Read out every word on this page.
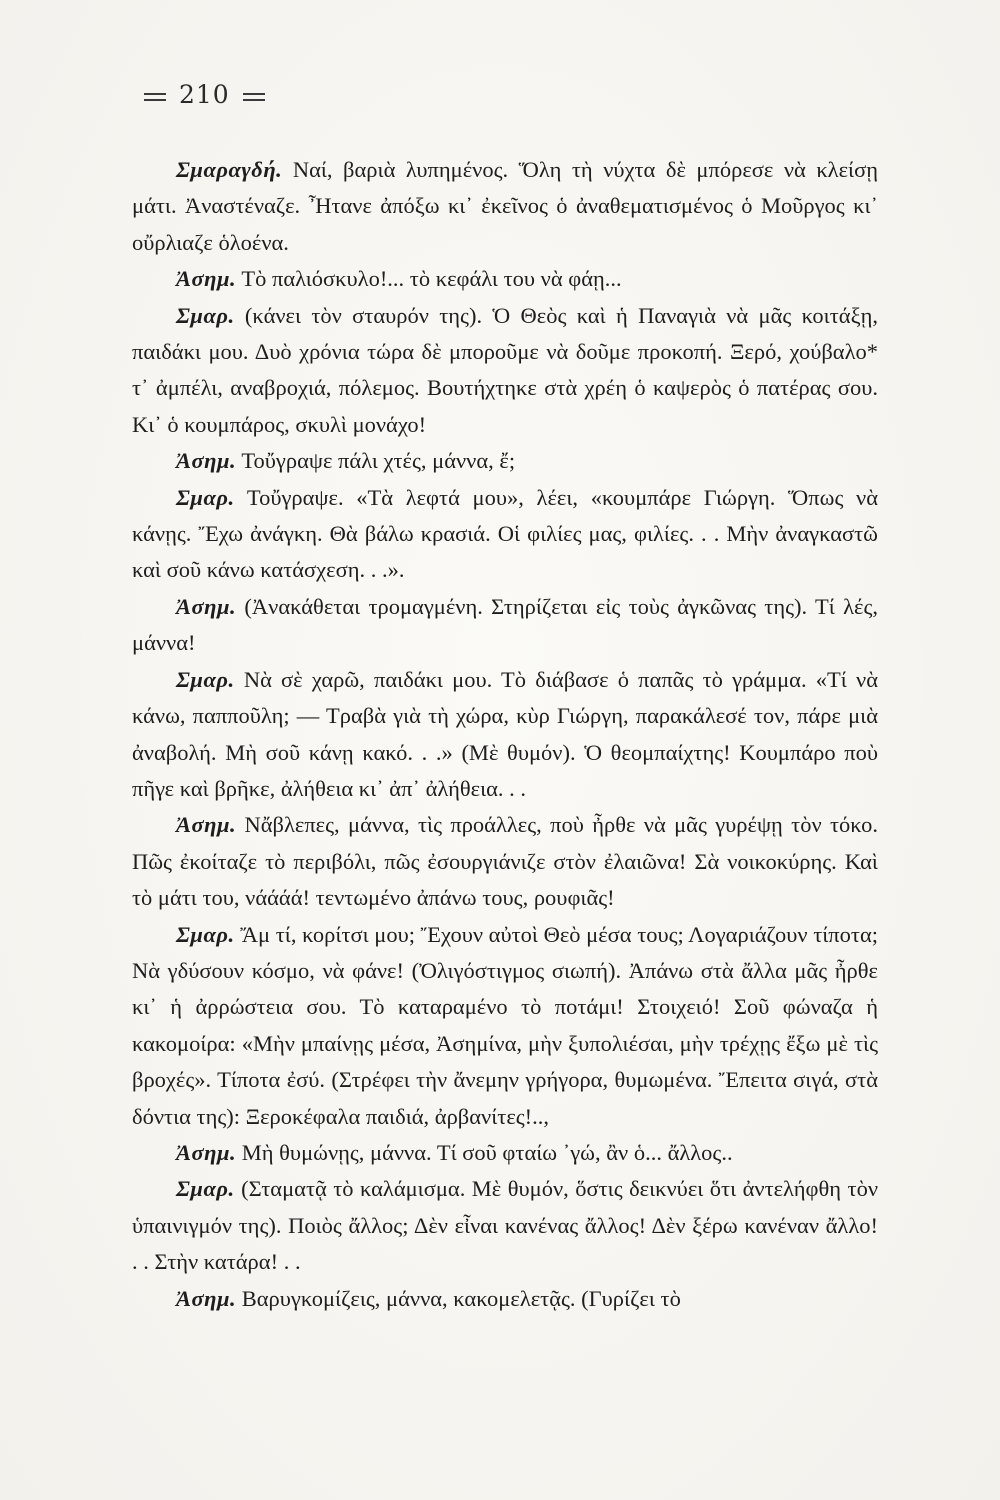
210

Σμαραγδή. Ναί, βαριὰ λυπημένος. Ὅλη τὴ νύχτα δὲ μπόρεσε νὰ κλείσῃ μάτι. Ἀναστέναζε. Ἦτανε ἀπόξω κι᾿ ἐκεῖνος ὁ ἀναθεματισμένος ὁ Μοῦργος κι᾿ οὔρλιαζε ὁλοένα.

Ἀσημ. Τὸ παλιόσκυλο!... τὸ κεφάλι του νὰ φάῃ...

Σμαρ. (κάνει τὸν σταυρόν της). Ὁ Θεὸς καὶ ἡ Παναγιὰ νὰ μᾶς κοιτάξῃ, παιδάκι μου. Δυὸ χρόνια τώρα δὲ μποροῦμε νὰ δοῦμε προκοπή. Ξερό, χούβαλο* τ᾿ ἀμπέλι, αναβροχιά, πόλεμος. Βουτήχτηκε στὰ χρέη ὁ καψερὸς ὁ πατέρας σου. Κι᾿ ὁ κουμπάρος, σκυλὶ μονάχο!

Ἀσημ. Τοὔγραψε πάλι χτές, μάννα, ἔ;

Σμαρ. Τοὔγραψε. «Τὰ λεφτά μου», λέει, «κουμπάρε Γιώργη. Ὅπως νὰ κάνῃς. Ἔχω ἀνάγκη. Θὰ βάλω κρασιά. Οἱ φιλίες μας, φιλίες. . . Μὴν ἀναγκαστῶ καὶ σοῦ κάνω κατάσχεση. . .».

Ἀσημ. (Ἀνακάθεται τρομαγμένη. Στηρίζεται εἰς τοὺς ἀγκῶνας της). Τί λές, μάννα!

Σμαρ. Νὰ σὲ χαρῶ, παιδάκι μου. Τὸ διάβασε ὁ παπᾶς τὸ γράμμα. «Τί νὰ κάνω, παπποῦλη; — Τραβὰ γιὰ τὴ χώρα, κὺρ Γιώργη, παρακάλεσέ τον, πάρε μιὰ ἀναβολή. Μὴ σοῦ κάνῃ κακό. . .» (Μὲ θυμόν). Ὁ θεομπαίχτης! Κουμπάρο ποὺ πῆγε καὶ βρῆκε, ἀλήθεια κι᾿ ἀπ᾿ ἀλήθεια. . .

Ἀσημ. Νἄβλεπες, μάννα, τὶς προάλλες, ποὺ ἦρθε νὰ μᾶς γυρέψῃ τὸν τόκο. Πῶς ἐκοίταζε τὸ περιβόλι, πῶς ἐσουργιάνιζε στὸν ἐλαιῶνα! Σὰ νοικοκύρης. Καὶ τὸ μάτι του, νάάάά! τεντωμένο ἀπάνω τους, ρουφιᾶς!

Σμαρ. Ἄμ τί, κορίτσι μου; Ἔχουν αὐτοὶ Θεὸ μέσα τους; Λογαριάζουν τίποτα; Νὰ γδύσουν κόσμο, νὰ φάνε! (Ὀλιγόστιγμος σιωπή). Ἀπάνω στὰ ἄλλα μᾶς ἦρθε κι᾿ ἡ ἀρρώστεια σου. Τὸ καταραμένο τὸ ποτάμι! Στοιχειό! Σοῦ φώναζα ἡ κακομοίρα: «Μὴν μπαίνῃς μέσα, Ἀσημίνα, μὴν ξυπολιέσαι, μὴν τρέχῃς ἔξω μὲ τὶς βροχές». Τίποτα ἐσύ. (Στρέφει τὴν ἄνεμην γρήγορα, θυμωμένα. Ἔπειτα σιγά, στὰ δόντια της): Ξεροκέφαλα παιδιά, ἀρβανίτες!..,

Ἀσημ. Μὴ θυμώνῃς, μάννα. Τί σοῦ φταίω ᾿γώ, ἂν ὁ... ἄλλος..

Σμαρ. (Σταματᾷ τὸ καλάμισμα. Μὲ θυμόν, ὅστις δεικνύει ὅτι ἀντελήφθη τὸν ὑπαινιγμόν της). Ποιὸς ἄλλος; Δὲν εἶναι κανένας ἄλλος! Δὲν ξέρω κανέναν ἄλλο! . . Στὴν κατάρα! . .

Ἀσημ. Βαρυγκομίζεις, μάννα, κακομελετᾷς. (Γυρίζει τὸ
